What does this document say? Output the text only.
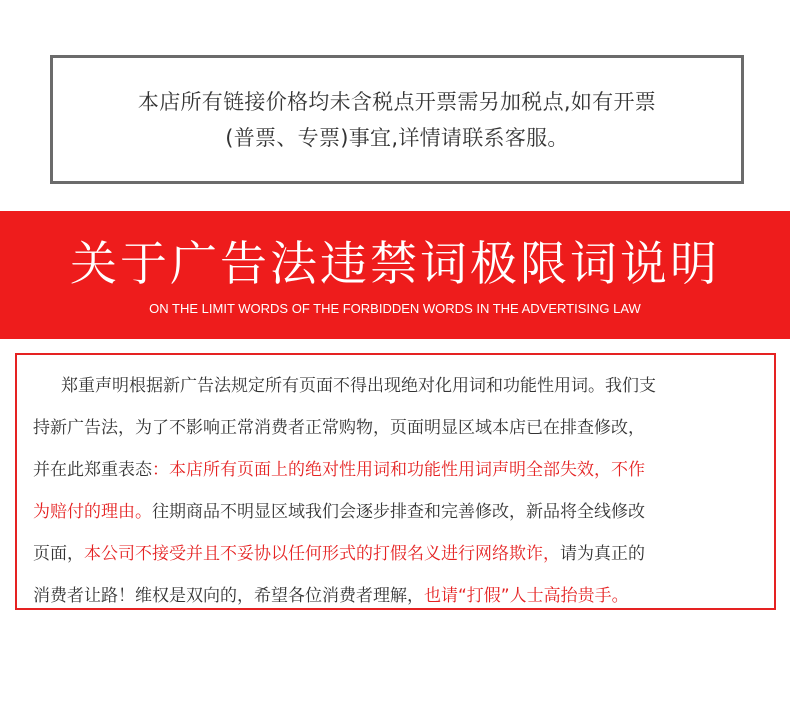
本店所有链接价格均未含税点开票需另加税点,如有开票
(普票、专票)事宜,详情请联系客服。
关于广告法违禁词极限词说明
ON THE LIMIT WORDS OF THE FORBIDDEN WORDS IN THE ADVERTISING LAW
郑重声明根据新广告法规定所有页面不得出现绝对化用词和功能性用词。我们支
持新广告法，为了不影响正常消费者正常购物，页面明显区域本店已在排查修改，
并在此郑重表态：本店所有页面上的绝对性用词和功能性用词声明全部失效，不作
为赔付的理由。往期商品不明显区域我们会逐步排查和完善修改，新品将全线修改
页面，本公司不接受并且不妥协以任何形式的打假名义进行网络欺诈，请为真正的
消费者让路！维权是双向的，希望各位消费者理解，也请“打假”人士高抬贵手。
